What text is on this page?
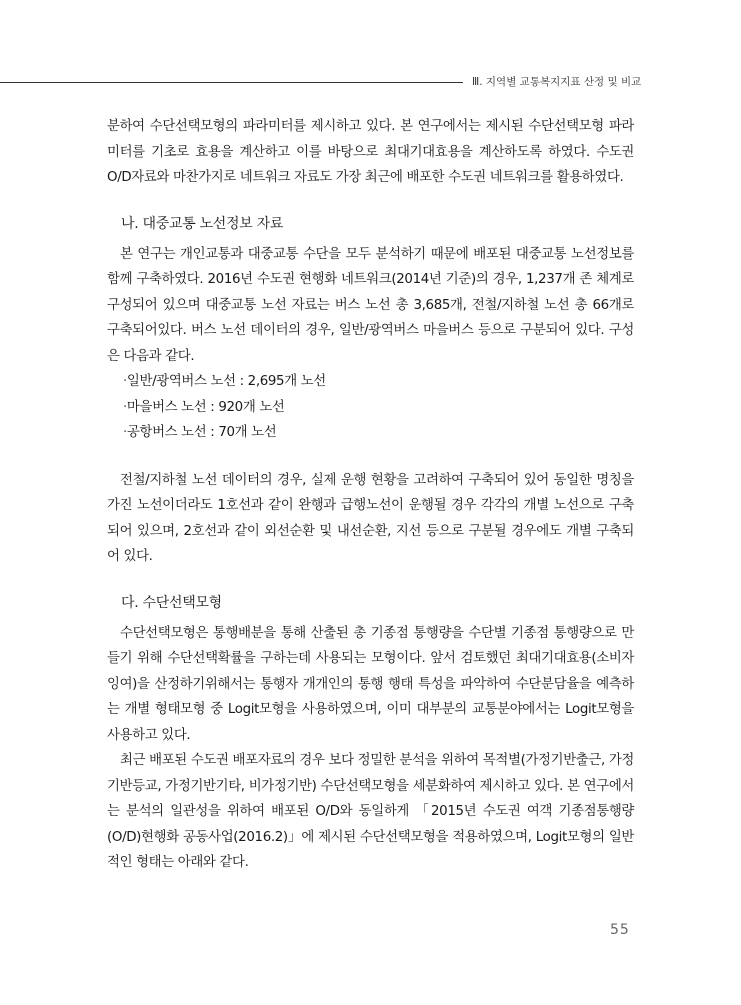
Ⅲ. 지역별 교통복지지표 산정 및 비교

분하여 수단선택모형의 파라미터를 제시하고 있다. 본 연구에서는 제시된 수단선택모형 파라미터를 기초로 효용을 계산하고 이를 바탕으로 최대기대효용을 계산하도록 하였다. 수도권 O/D자료와 마찬가지로 네트워크 자료도 가장 최근에 배포한 수도권 네트워크를 활용하였다.

나. 대중교통 노선정보 자료

본 연구는 개인교통과 대중교통 수단을 모두 분석하기 때문에 배포된 대중교통 노선정보를 함께 구축하였다. 2016년 수도권 현행화 네트워크(2014년 기준)의 경우, 1,237개 존 체계로 구성되어 있으며 대중교통 노선 자료는 버스 노선 총 3,685개, 전철/지하철 노선 총 66개로 구축되어있다. 버스 노선 데이터의 경우, 일반/광역버스 마을버스 등으로 구분되어 있다. 구성은 다음과 같다.

·일반/광역버스 노선 : 2,695개 노선
·마을버스 노선 : 920개 노선
·공항버스 노선 : 70개 노선

전철/지하철 노선 데이터의 경우, 실제 운행 현황을 고려하여 구축되어 있어 동일한 명칭을 가진 노선이더라도 1호선과 같이 완행과 급행노선이 운행될 경우 각각의 개별 노선으로 구축되어 있으며, 2호선과 같이 외선순환 및 내선순환, 지선 등으로 구분될 경우에도 개별 구축되어 있다.

다. 수단선택모형

수단선택모형은 통행배분을 통해 산출된 총 기종점 통행량을 수단별 기종점 통행량으로 만들기 위해 수단선택확률을 구하는데 사용되는 모형이다. 앞서 검토했던 최대기대효용(소비자잉여)을 산정하기위해서는 통행자 개개인의 통행 행태 특성을 파악하여 수단분담율을 예측하는 개별 형태모형 중 Logit모형을 사용하였으며, 이미 대부분의 교통분야에서는 Logit모형을 사용하고 있다.

최근 배포된 수도권 배포자료의 경우 보다 정밀한 분석을 위하여 목적별(가정기반출근, 가정기반등교, 가정기반기타, 비가정기반) 수단선택모형을 세분화하여 제시하고 있다. 본 연구에서는 분석의 일관성을 위하여 배포된 O/D와 동일하게 「2015년 수도권 여객 기종점통행량(O/D)현행화 공동사업(2016.2)」에 제시된 수단선택모형을 적용하였으며, Logit모형의 일반적인 형태는 아래와 같다.

55
